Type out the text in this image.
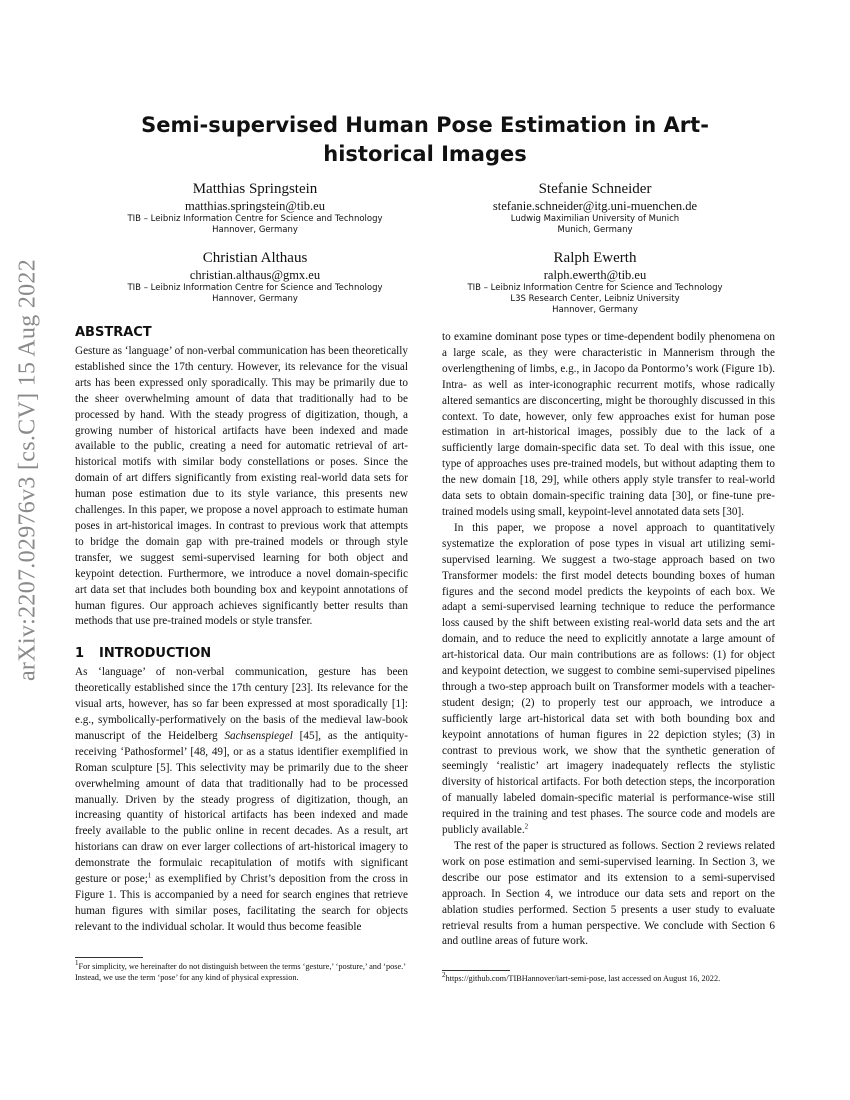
arXiv:2207.02976v3 [cs.CV] 15 Aug 2022
Semi-supervised Human Pose Estimation in Art-historical Images
Matthias Springstein
matthias.springstein@tib.eu
TIB – Leibniz Information Centre for Science and Technology
Hannover, Germany
Stefanie Schneider
stefanie.schneider@itg.uni-muenchen.de
Ludwig Maximilian University of Munich
Munich, Germany
Christian Althaus
christian.althaus@gmx.eu
TIB – Leibniz Information Centre for Science and Technology
Hannover, Germany
Ralph Ewerth
ralph.ewerth@tib.eu
TIB – Leibniz Information Centre for Science and Technology
L3S Research Center, Leibniz University
Hannover, Germany
ABSTRACT

Gesture as ‘language’ of non-verbal communication has been theoretically established since the 17th century. However, its relevance for the visual arts has been expressed only sporadically. This may be primarily due to the sheer overwhelming amount of data that traditionally had to be processed by hand. With the steady progress of digitization, though, a growing number of historical artifacts have been indexed and made available to the public, creating a need for automatic retrieval of art-historical motifs with similar body constellations or poses. Since the domain of art differs significantly from existing real-world data sets for human pose estimation due to its style variance, this presents new challenges. In this paper, we propose a novel approach to estimate human poses in art-historical images. In contrast to previous work that attempts to bridge the domain gap with pre-trained models or through style transfer, we suggest semi-supervised learning for both object and keypoint detection. Furthermore, we introduce a novel domain-specific art data set that includes both bounding box and keypoint annotations of human figures. Our approach achieves significantly better results than methods that use pre-trained models or style transfer.

1 INTRODUCTION

As ‘language’ of non-verbal communication, gesture has been theoretically established since the 17th century [23]. Its relevance for the visual arts, however, has so far been expressed at most sporadically [1]: e.g., symbolically-performatively on the basis of the medieval law-book manuscript of the Heidelberg Sachsenspiegel [45], as the antiquity-receiving ‘Pathosformel’ [48, 49], or as a status identifier exemplified in Roman sculpture [5]. This selectivity may be primarily due to the sheer overwhelming amount of data that traditionally had to be processed manually. Driven by the steady progress of digitization, though, an increasing quantity of historical artifacts has been indexed and made freely available to the public online in recent decades. As a result, art historians can draw on ever larger collections of art-historical imagery to demonstrate the formulaic recapitulation of motifs with significant gesture or pose;$^1$ as exemplified by Christ’s deposition from the cross in Figure 1. This is accompanied by a need for search engines that retrieve human figures with similar poses, facilitating the search for objects relevant to the individual scholar. It would thus become feasible

$^1$For simplicity, we hereinafter do not distinguish between the terms ‘gesture,’ ‘posture,’ and ‘pose.’ Instead, we use the term ‘pose’ for any kind of physical expression.

to examine dominant pose types or time-dependent bodily phenomena on a large scale, as they were characteristic in Mannerism through the overlengthening of limbs, e.g., in Jacopo da Pontormo’s work (Figure 1b). Intra- as well as inter-iconographic recurrent motifs, whose radically altered semantics are disconcerting, might be thoroughly discussed in this context. To date, however, only few approaches exist for human pose estimation in art-historical images, possibly due to the lack of a sufficiently large domain-specific data set. To deal with this issue, one type of approaches uses pre-trained models, but without adapting them to the new domain [18, 29], while others apply style transfer to real-world data sets to obtain domain-specific training data [30], or fine-tune pre-trained models using small, keypoint-level annotated data sets [30].

In this paper, we propose a novel approach to quantitatively systematize the exploration of pose types in visual art utilizing semi-supervised learning. We suggest a two-stage approach based on two Transformer models: the first model detects bounding boxes of human figures and the second model predicts the keypoints of each box. We adapt a semi-supervised learning technique to reduce the performance loss caused by the shift between existing real-world data sets and the art domain, and to reduce the need to explicitly annotate a large amount of art-historical data. Our main contributions are as follows: (1) for object and keypoint detection, we suggest to combine semi-supervised pipelines through a two-step approach built on Transformer models with a teacher-student design; (2) to properly test our approach, we introduce a sufficiently large art-historical data set with both bounding box and keypoint annotations of human figures in 22 depiction styles; (3) in contrast to previous work, we show that the synthetic generation of seemingly ‘realistic’ art imagery inadequately reflects the stylistic diversity of historical artifacts. For both detection steps, the incorporation of manually labeled domain-specific material is performance-wise still required in the training and test phases. The source code and models are publicly available.$^2$

The rest of the paper is structured as follows. Section 2 reviews related work on pose estimation and semi-supervised learning. In Section 3, we describe our pose estimator and its extension to a semi-supervised approach. In Section 4, we introduce our data sets and report on the ablation studies performed. Section 5 presents a user study to evaluate retrieval results from a human perspective. We conclude with Section 6 and outline areas of future work.

$^2$https://github.com/TIBHannover/iart-semi-pose, last accessed on August 16, 2022.
